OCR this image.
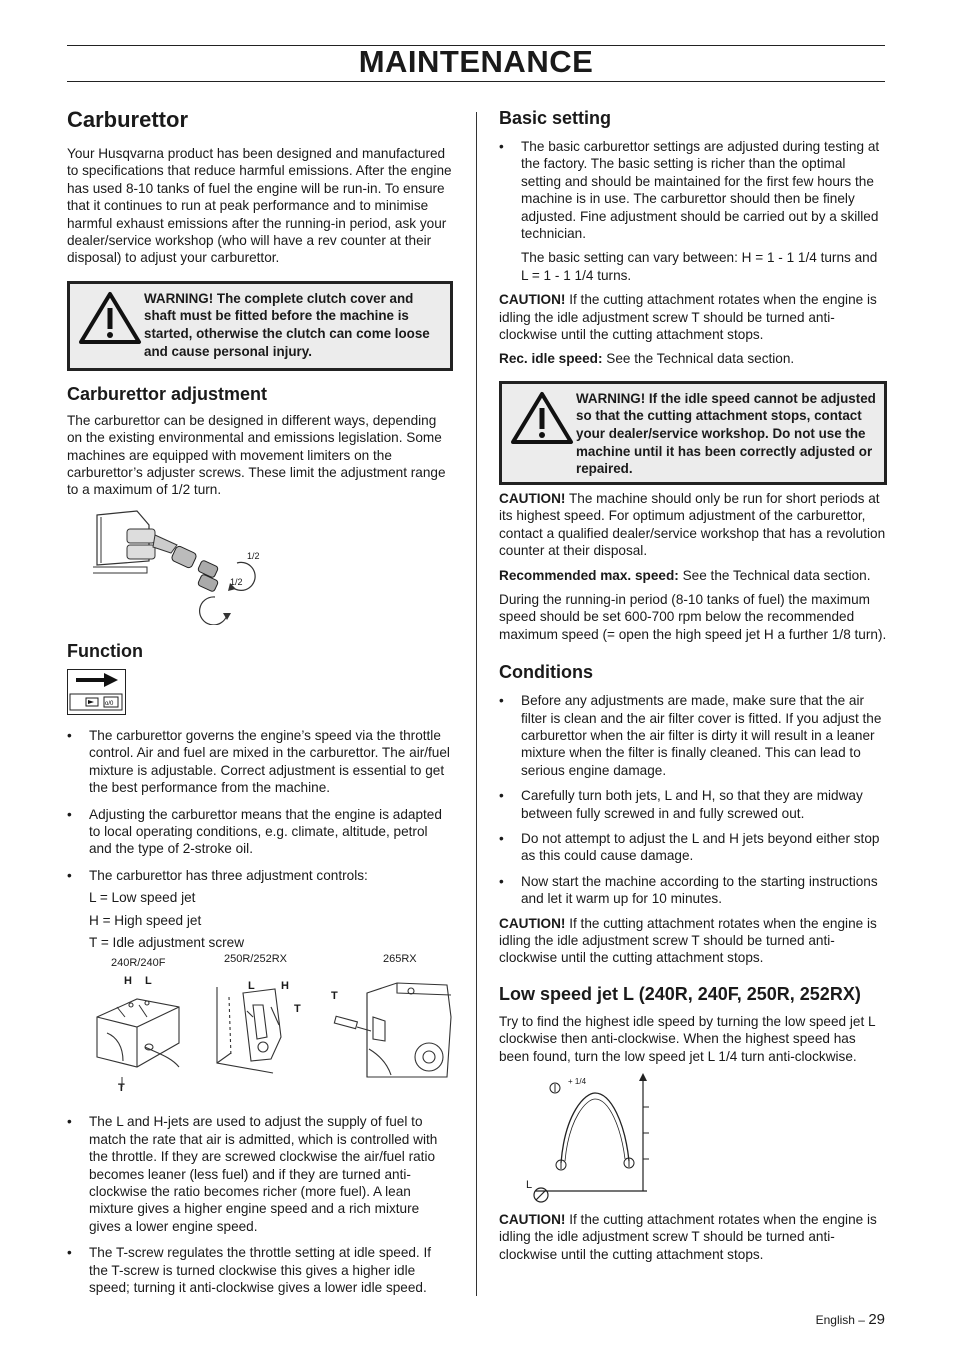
MAINTENANCE
Carburettor

Your Husqvarna product has been designed and manufactured to specifications that reduce harmful emissions. After the engine has used 8-10 tanks of fuel the engine will be run-in. To ensure that it continues to run at peak performance and to minimise harmful exhaust emissions after the running-in period, ask your dealer/service workshop (who will have a rev counter at their disposal) to adjust your carburettor.

WARNING! The complete clutch cover and shaft must be fitted before the machine is started, otherwise the clutch can come loose and cause personal injury.

Carburettor adjustment

The carburettor can be designed in different ways, depending on the existing environmental and emissions legislation. Some machines are equipped with movement limiters on the carburettor’s adjuster screws. These limit the adjustment range to a maximum of 1/2 turn.

1/2
1/2
Function
o/0
• The carburettor governs the engine’s speed via the throttle control. Air and fuel are mixed in the carburettor. The air/fuel mixture is adjustable. Correct adjustment is essential to get the best performance from the machine.
• Adjusting the carburettor means that the engine is adapted to local operating conditions, e.g. climate, altitude, petrol and the type of 2-stroke oil.
• The carburettor has three adjustment controls:

L = Low speed jet

H = High speed jet

T = Idle adjustment screw

240R/240F	250R/252RX	265RX
H L
T
L H
T
T
• The L and H-jets are used to adjust the supply of fuel to match the rate that air is admitted, which is controlled with the throttle. If they are screwed clockwise the air/fuel ratio becomes leaner (less fuel) and if they are turned anti-clockwise the ratio becomes richer (more fuel). A lean mixture gives a higher engine speed and a rich mixture gives a lower engine speed.
• The T-screw regulates the throttle setting at idle speed. If the T-screw is turned clockwise this gives a higher idle speed; turning it anti-clockwise gives a lower idle speed.
Basic setting
• The basic carburettor settings are adjusted during testing at the factory. The basic setting is richer than the optimal setting and should be maintained for the first few hours the machine is in use. The carburettor should then be finely adjusted. Fine adjustment should be carried out by a skilled technician.

The basic setting can vary between: H = 1 - 1 1/4 turns and L = 1 - 1 1/4 turns.

CAUTION! If the cutting attachment rotates when the engine is idling the idle adjustment screw T should be turned anti-clockwise until the cutting attachment stops.

Rec. idle speed: See the Technical data section.

WARNING! If the idle speed cannot be adjusted so that the cutting attachment stops, contact your dealer/service workshop. Do not use the machine until it has been correctly adjusted or repaired.

CAUTION! The machine should only be run for short periods at its highest speed. For optimum adjustment of the carburettor, contact a qualified dealer/service workshop that has a revolution counter at their disposal.

Recommended max. speed: See the Technical data section.

During the running-in period (8-10 tanks of fuel) the maximum speed should be set 600-700 rpm below the recommended maximum speed (= open the high speed jet H a further 1/8 turn).

Conditions
• Before any adjustments are made, make sure that the air filter is clean and the air filter cover is fitted. If you adjust the carburettor when the air filter is dirty it will result in a leaner mixture when the filter is finally cleaned. This can lead to serious engine damage.
• Carefully turn both jets, L and H, so that they are midway between fully screwed in and fully screwed out.
• Do not attempt to adjust the L and H jets beyond either stop as this could cause damage.
• Now start the machine according to the starting instructions and let it warm up for 10 minutes.

CAUTION! If the cutting attachment rotates when the engine is idling the idle adjustment screw T should be turned anti-clockwise until the cutting attachment stops.

Low speed jet L (240R, 240F, 250R, 252RX)

Try to find the highest idle speed by turning the low speed jet L clockwise then anti-clockwise. When the highest speed has been found, turn the low speed jet L 1/4 turn anti-clockwise.

+ 1/4
L

CAUTION! If the cutting attachment rotates when the engine is idling the idle adjustment screw T should be turned anti-clockwise until the cutting attachment stops.

English – 29
